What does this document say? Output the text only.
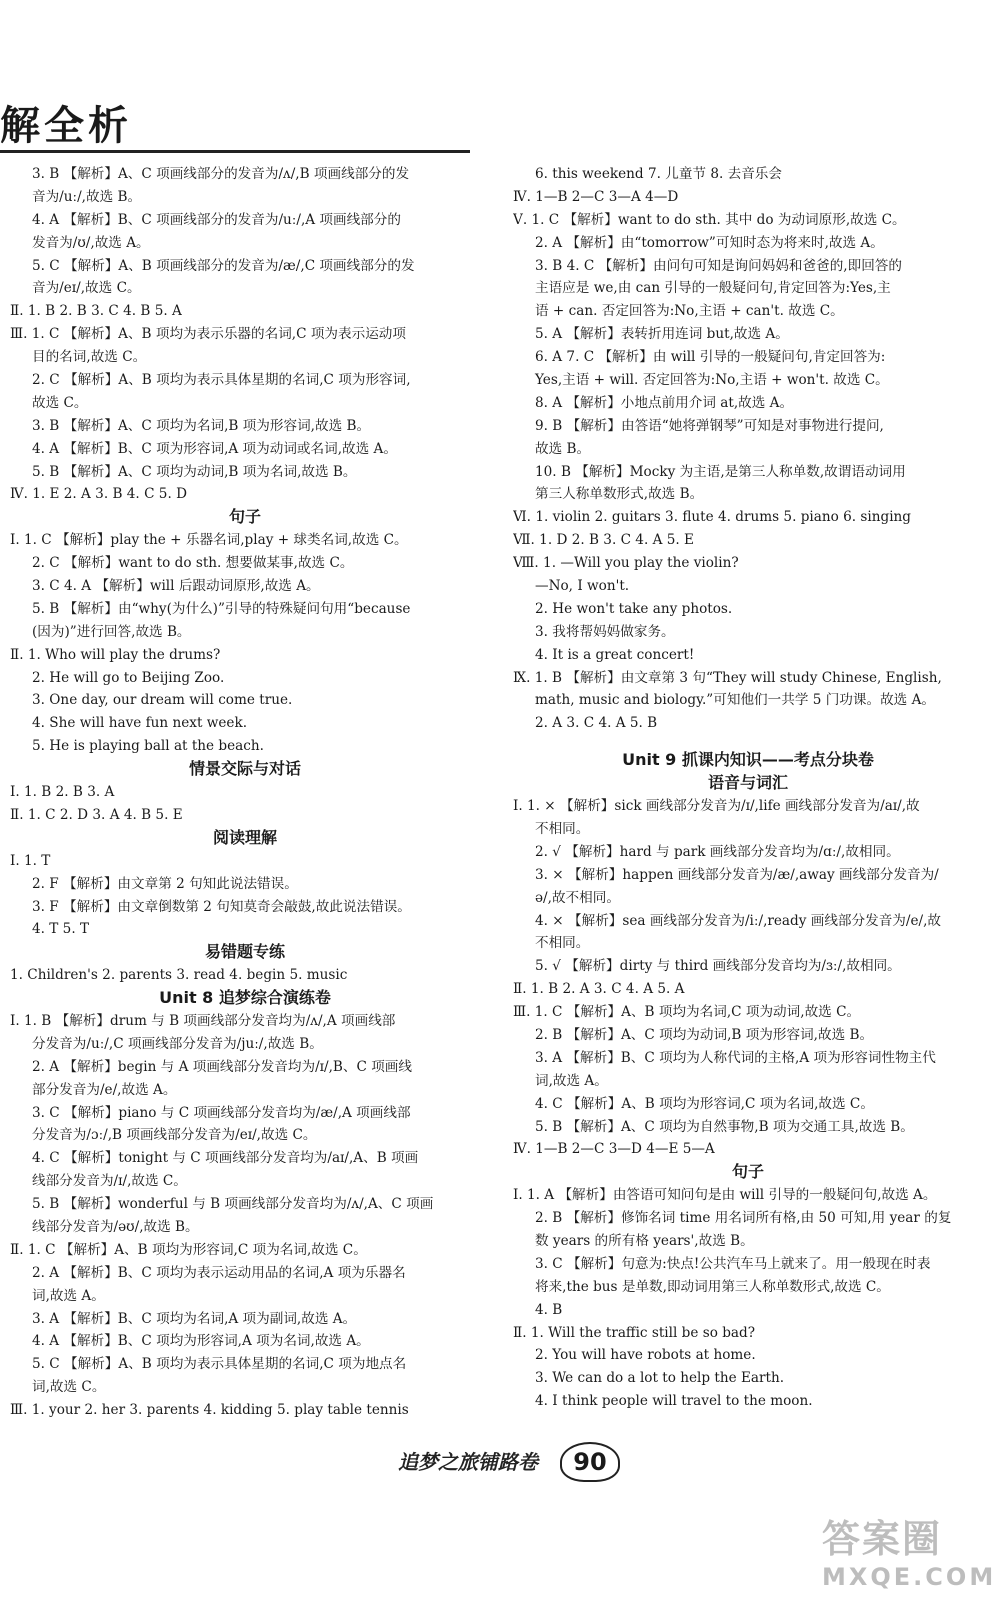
解全析
3. B 【解析】A、C 项画线部分的发音为/ʌ/,B 项画线部分的发
音为/uː/,故选 B。
4. A 【解析】B、C 项画线部分的发音为/uː/,A 项画线部分的
发音为/ʊ/,故选 A。
5. C 【解析】A、B 项画线部分的发音为/æ/,C 项画线部分的发
音为/eɪ/,故选 C。
Ⅱ. 1. B 2. B 3. C 4. B 5. A
Ⅲ. 1. C 【解析】A、B 项均为表示乐器的名词,C 项为表示运动项
目的名词,故选 C。
2. C 【解析】A、B 项均为表示具体星期的名词,C 项为形容词,
故选 C。
3. B 【解析】A、C 项均为名词,B 项为形容词,故选 B。
4. A 【解析】B、C 项为形容词,A 项为动词或名词,故选 A。
5. B 【解析】A、C 项均为动词,B 项为名词,故选 B。
Ⅳ. 1. E 2. A 3. B 4. C 5. D
句子
Ⅰ. 1. C 【解析】play the + 乐器名词,play + 球类名词,故选 C。
2. C 【解析】want to do sth. 想要做某事,故选 C。
3. C 4. A 【解析】will 后跟动词原形,故选 A。
5. B 【解析】由“why(为什么)”引导的特殊疑问句用“because
(因为)”进行回答,故选 B。
Ⅱ. 1. Who will play the drums?
2. He will go to Beijing Zoo.
3. One day, our dream will come true.
4. She will have fun next week.
5. He is playing ball at the beach.
情景交际与对话
Ⅰ. 1. B 2. B 3. A
Ⅱ. 1. C 2. D 3. A 4. B 5. E
阅读理解
Ⅰ. 1. T
2. F 【解析】由文章第 2 句知此说法错误。
3. F 【解析】由文章倒数第 2 句知莫奇会敲鼓,故此说法错误。
4. T 5. T
易错题专练
1. Children's 2. parents 3. read 4. begin 5. music
Unit 8 追梦综合演练卷
Ⅰ. 1. B 【解析】drum 与 B 项画线部分发音均为/ʌ/,A 项画线部
分发音为/uː/,C 项画线部分发音为/juː/,故选 B。
2. A 【解析】begin 与 A 项画线部分发音均为/ɪ/,B、C 项画线
部分发音为/e/,故选 A。
3. C 【解析】piano 与 C 项画线部分发音均为/æ/,A 项画线部
分发音为/ɔː/,B 项画线部分发音为/eɪ/,故选 C。
4. C 【解析】tonight 与 C 项画线部分发音均为/aɪ/,A、B 项画
线部分发音为/ɪ/,故选 C。
5. B 【解析】wonderful 与 B 项画线部分发音均为/ʌ/,A、C 项画
线部分发音为/əʊ/,故选 B。
Ⅱ. 1. C 【解析】A、B 项均为形容词,C 项为名词,故选 C。
2. A 【解析】B、C 项均为表示运动用品的名词,A 项为乐器名
词,故选 A。
3. A 【解析】B、C 项均为名词,A 项为副词,故选 A。
4. A 【解析】B、C 项均为形容词,A 项为名词,故选 A。
5. C 【解析】A、B 项均为表示具体星期的名词,C 项为地点名
词,故选 C。
Ⅲ. 1. your 2. her 3. parents 4. kidding 5. play table tennis
6. this weekend 7. 儿童节 8. 去音乐会
Ⅳ. 1—B 2—C 3—A 4—D
Ⅴ. 1. C 【解析】want to do sth. 其中 do 为动词原形,故选 C。
2. A 【解析】由“tomorrow”可知时态为将来时,故选 A。
3. B 4. C 【解析】由问句可知是询问妈妈和爸爸的,即回答的
主语应是 we,由 can 引导的一般疑问句,肯定回答为:Yes,主
语 + can. 否定回答为:No,主语 + can't. 故选 C。
5. A 【解析】表转折用连词 but,故选 A。
6. A 7. C 【解析】由 will 引导的一般疑问句,肯定回答为:
Yes,主语 + will. 否定回答为:No,主语 + won't. 故选 C。
8. A 【解析】小地点前用介词 at,故选 A。
9. B 【解析】由答语“她将弹钢琴”可知是对事物进行提问,
故选 B。
10. B 【解析】Mocky 为主语,是第三人称单数,故谓语动词用
第三人称单数形式,故选 B。
Ⅵ. 1. violin 2. guitars 3. flute 4. drums 5. piano 6. singing
Ⅶ. 1. D 2. B 3. C 4. A 5. E
Ⅷ. 1. —Will you play the violin?
—No, I won't.
2. He won't take any photos.
3. 我将帮妈妈做家务。
4. It is a great concert!
Ⅸ. 1. B 【解析】由文章第 3 句“They will study Chinese, English,
math, music and biology.”可知他们一共学 5 门功课。故选 A。
2. A 3. C 4. A 5. B
Unit 9 抓课内知识——考点分块卷
语音与词汇
Ⅰ. 1. × 【解析】sick 画线部分发音为/ɪ/,life 画线部分发音为/aɪ/,故
不相同。
2. √ 【解析】hard 与 park 画线部分发音均为/ɑː/,故相同。
3. × 【解析】happen 画线部分发音为/æ/,away 画线部分发音为/
ə/,故不相同。
4. × 【解析】sea 画线部分发音为/iː/,ready 画线部分发音为/e/,故
不相同。
5. √ 【解析】dirty 与 third 画线部分发音均为/ɜː/,故相同。
Ⅱ. 1. B 2. A 3. C 4. A 5. A
Ⅲ. 1. C 【解析】A、B 项均为名词,C 项为动词,故选 C。
2. B 【解析】A、C 项均为动词,B 项为形容词,故选 B。
3. A 【解析】B、C 项均为人称代词的主格,A 项为形容词性物主代
词,故选 A。
4. C 【解析】A、B 项均为形容词,C 项为名词,故选 C。
5. B 【解析】A、C 项均为自然事物,B 项为交通工具,故选 B。
Ⅳ. 1—B 2—C 3—D 4—E 5—A
句子
Ⅰ. 1. A 【解析】由答语可知问句是由 will 引导的一般疑问句,故选 A。
2. B 【解析】修饰名词 time 用名词所有格,由 50 可知,用 year 的复
数 years 的所有格 years',故选 B。
3. C 【解析】句意为:快点!公共汽车马上就来了。用一般现在时表
将来,the bus 是单数,即动词用第三人称单数形式,故选 C。
4. B
Ⅱ. 1. Will the traffic still be so bad?
2. You will have robots at home.
3. We can do a lot to help the Earth.
4. I think people will travel to the moon.
追梦之旅铺路卷	90
答案圈
MXQE.COM
